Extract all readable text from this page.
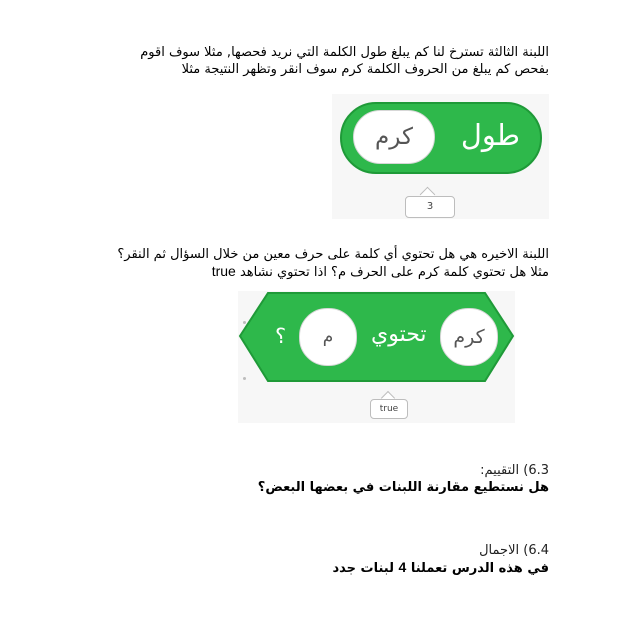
اللبنة الثالثة تسترخ لنا كم يبلغ طول الكلمة التي نريد فحصها, مثلا سوف اقوم
بفحص كم يبلغ من الحروف الكلمة كرم سوف انقر وتظهر النتيجة مثلا
طول
كرم
3
اللبنة الاخيره هي هل تحتوي أي كلمة على حرف معين من خلال السؤال ثم النقر؟
مثلا هل تحتوي كلمة كرم على الحرف م؟ اذا تحتوي نشاهد true
؟	م	تحتوي	كرم
true
6.3) التقييم:
هل نستطيع مقارنة اللبنات في بعضها البعض؟
6.4) الاجمال
في هذه الدرس تعملنا 4 لبنات جدد
